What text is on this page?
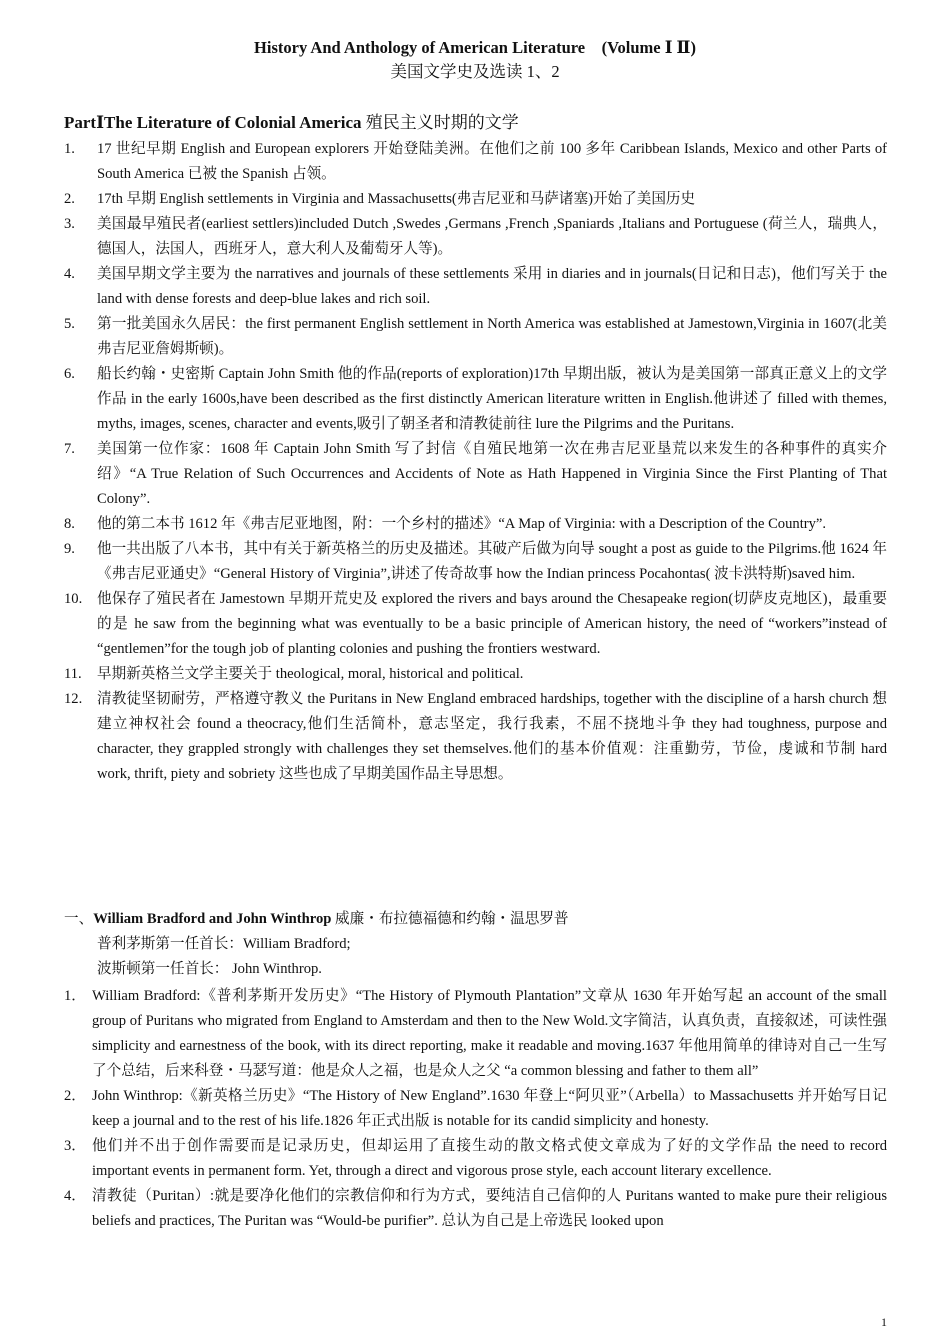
History And Anthology of American Literature　(Volume Ⅰ Ⅱ)
美国文学史及选读 1、2
PartⅠThe Literature of Colonial America 殖民主义时期的文学

1. 17 世纪早期 English and European explorers 开始登陆美洲。在他们之前 100 多年 Caribbean Islands, Mexico and other Parts of South America 已被 the Spanish 占领。

2. 17th 早期 English settlements in Virginia and Massachusetts(弗吉尼亚和马萨诸塞)开始了美国历史

3. 美国最早殖民者(earliest settlers)included Dutch ,Swedes ,Germans ,French ,Spaniards ,Italians and Portuguese (荷兰人，瑞典人，德国人，法国人，西班牙人，意大利人及葡萄牙人等)。

4. 美国早期文学主要为 the narratives and journals of these settlements 采用 in diaries and in journals(日记和日志)，他们写关于 the land with dense forests and deep-blue lakes and rich soil.

5. 第一批美国永久居民：the first permanent English settlement in North America was established at Jamestown,Virginia in 1607(北美弗吉尼亚詹姆斯顿)。

6. 船长约翰・史密斯 Captain John Smith 他的作品(reports of exploration)17th 早期出版，被认为是美国第一部真正意义上的文学作品 in the early 1600s,have been described as the first distinctly American literature written in English.他讲述了 filled with themes, myths, images, scenes, character and events,吸引了朝圣者和清教徒前往 lure the Pilgrims and the Puritans.

7. 美国第一位作家：1608 年 Captain John Smith 写了封信《自殖民地第一次在弗吉尼亚垦荒以来发生的各种事件的真实介绍》“A True Relation of Such Occurrences and Accidents of Note as Hath Happened in Virginia Since the First Planting of That Colony”.

8. 他的第二本书 1612 年《弗吉尼亚地图，附：一个乡村的描述》“A Map of Virginia: with a Description of the Country”.

9. 他一共出版了八本书，其中有关于新英格兰的历史及描述。其破产后做为向导 sought a post as guide to the Pilgrims.他 1624 年《弗吉尼亚通史》“General History of Virginia”,讲述了传奇故事 how the Indian princess Pocahontas( 波卡洪特斯)saved him.

10. 他保存了殖民者在 Jamestown 早期开荒史及 explored the rivers and bays around the Chesapeake region(切萨皮克地区)，最重要的是 he saw from the beginning what was eventually to be a basic principle of American history, the need of “workers”instead of “gentlemen”for the tough job of planting colonies and pushing the frontiers westward.

11. 早期新英格兰文学主要关于 theological, moral, historical and political.

12. 清教徒坚韧耐劳，严格遵守教义 the Puritans in New England embraced hardships, together with the discipline of a harsh church 想建立神权社会 found a theocracy,他们生活简朴，意志坚定，我行我素，不屈不挠地斗争 they had toughness, purpose and character, they grappled strongly with challenges they set themselves.他们的基本价值观：注重勤劳，节俭，虔诚和节制 hard work, thrift, piety and sobriety 这些也成了早期美国作品主导思想。

一、William Bradford and John Winthrop 威廉・布拉德福德和约翰・温思罗普
普利茅斯第一任首长：William Bradford;
波斯顿第一任首长： John Winthrop.

1． William Bradford:《普利茅斯开发历史》“The History of Plymouth Plantation”文章从 1630 年开始写起 an account of the small group of Puritans who migrated from England to Amsterdam and then to the New Wold.文字简洁，认真负责，直接叙述，可读性强 simplicity and earnestness of the book, with its direct reporting, make it readable and moving.1637 年他用简单的律诗对自己一生写了个总结，后来科登・马瑟写道：他是众人之福，也是众人之父 “a common blessing and father to them all”

2． John Winthrop:《新英格兰历史》“The History of New England”.1630 年登上“阿贝亚”（Arbella）to Massachusetts 并开始写日记 keep a journal and to the rest of his life.1826 年正式出版 is notable for its candid simplicity and honesty.

3． 他们并不出于创作需要而是记录历史，但却运用了直接生动的散文格式使文章成为了好的文学作品 the need to record important events in permanent form. Yet, through a direct and vigorous prose style, each account literary excellence.

4． 清教徒（Puritan）:就是要净化他们的宗教信仰和行为方式，要纯洁自己信仰的人 Puritans wanted to make pure their religious beliefs and practices, The Puritan was “Would-be purifier”. 总认为自己是上帝选民 looked upon

1
